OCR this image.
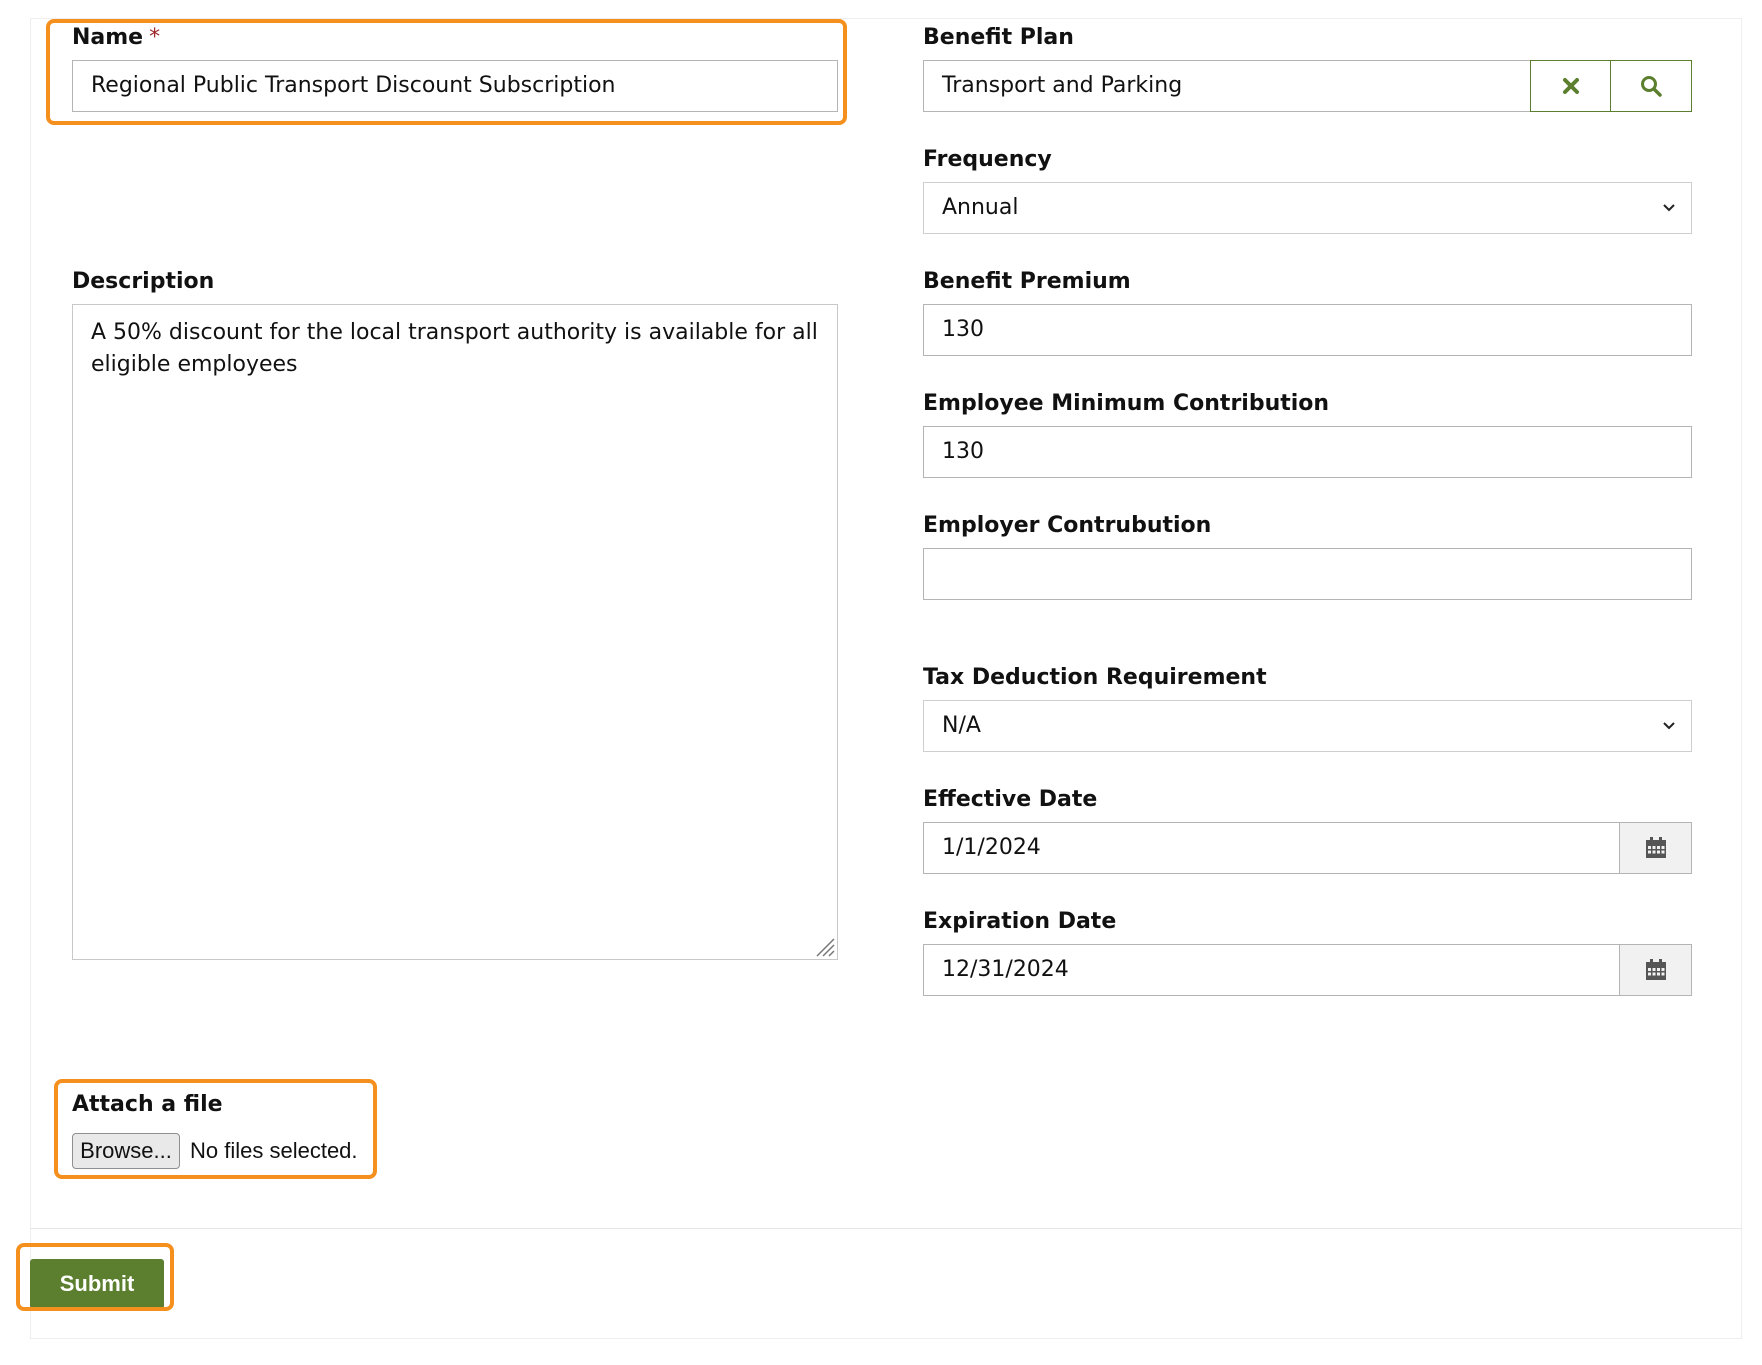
Name *
Regional Public Transport Discount Subscription
Description
A 50% discount for the local transport authority is available for all eligible employees
Benefit Plan
Transport and Parking
Frequency
Annual
Benefit Premium
130
Employee Minimum Contribution
130
Employer Contrubution
Tax Deduction Requirement
N/A
Effective Date
1/1/2024
Expiration Date
12/31/2024
Attach a file
Browse... No files selected.
Submit
